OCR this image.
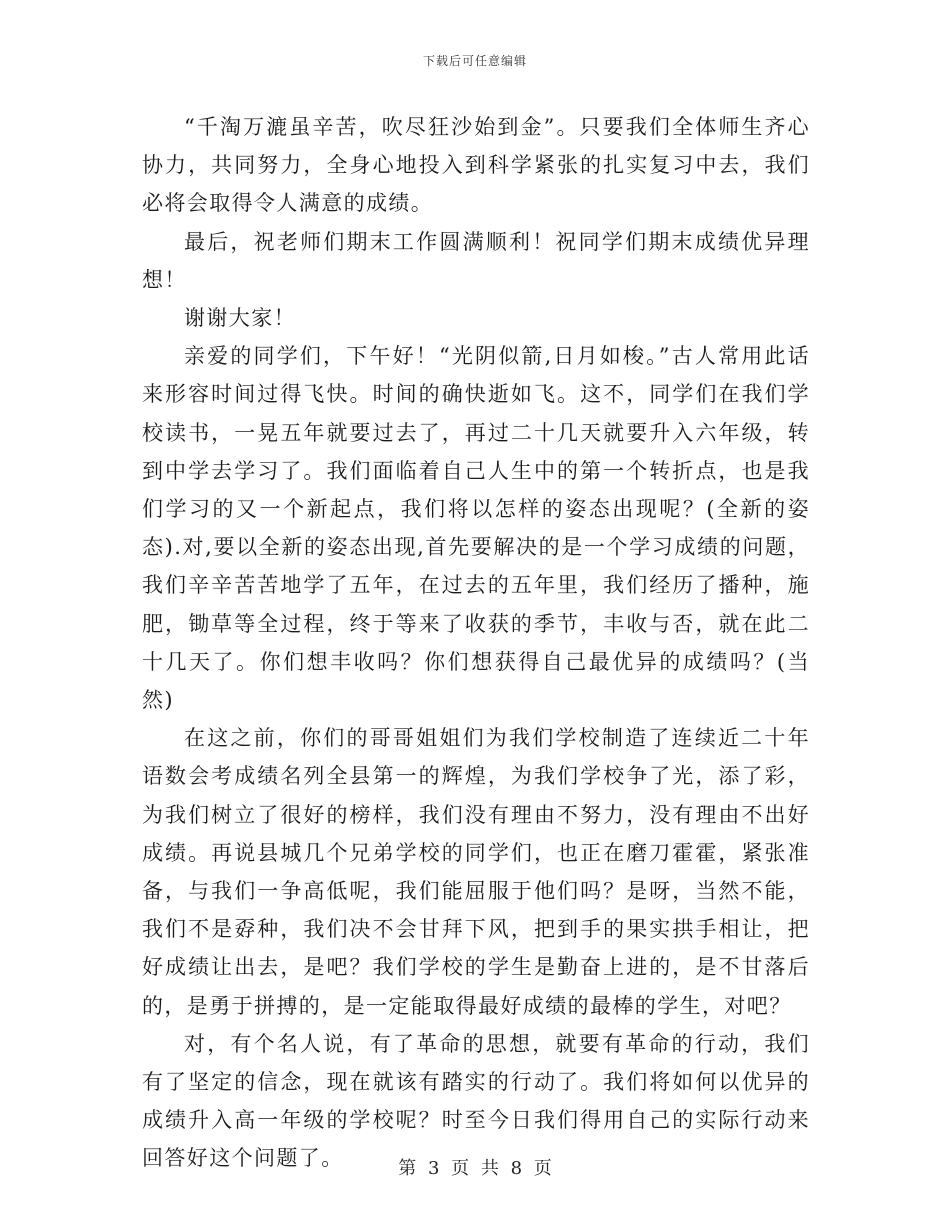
下载后可任意编辑

“千淘万漉虽辛苦，吹尽狂沙始到金”。只要我们全体师生齐心协力，共同努力，全身心地投入到科学紧张的扎实复习中去，我们必将会取得令人满意的成绩。

最后，祝老师们期末工作圆满顺利！祝同学们期末成绩优异理想！

谢谢大家！

亲爱的同学们，下午好！“光阴似箭,日月如梭。”古人常用此话来形容时间过得飞快。时间的确快逝如飞。这不，同学们在我们学校读书，一晃五年就要过去了，再过二十几天就要升入六年级，转到中学去学习了。我们面临着自己人生中的第一个转折点，也是我们学习的又一个新起点，我们将以怎样的姿态出现呢？(全新的姿态).对,要以全新的姿态出现,首先要解决的是一个学习成绩的问题，我们辛辛苦苦地学了五年，在过去的五年里，我们经历了播种，施肥，锄草等全过程，终于等来了收获的季节，丰收与否，就在此二十几天了。你们想丰收吗？你们想获得自己最优异的成绩吗？(当然)

在这之前，你们的哥哥姐姐们为我们学校制造了连续近二十年语数会考成绩名列全县第一的辉煌，为我们学校争了光，添了彩，为我们树立了很好的榜样，我们没有理由不努力，没有理由不出好成绩。再说县城几个兄弟学校的同学们，也正在磨刀霍霍，紧张准备，与我们一争高低呢，我们能屈服于他们吗？是呀，当然不能，我们不是孬种，我们决不会甘拜下风，把到手的果实拱手相让，把好成绩让出去，是吧？我们学校的学生是勤奋上进的，是不甘落后的，是勇于拼搏的，是一定能取得最好成绩的最棒的学生，对吧？

对，有个名人说，有了革命的思想，就要有革命的行动，我们有了坚定的信念，现在就该有踏实的行动了。我们将如何以优异的成绩升入高一年级的学校呢？时至今日我们得用自己的实际行动来回答好这个问题了。	第 3 页 共 8 页
